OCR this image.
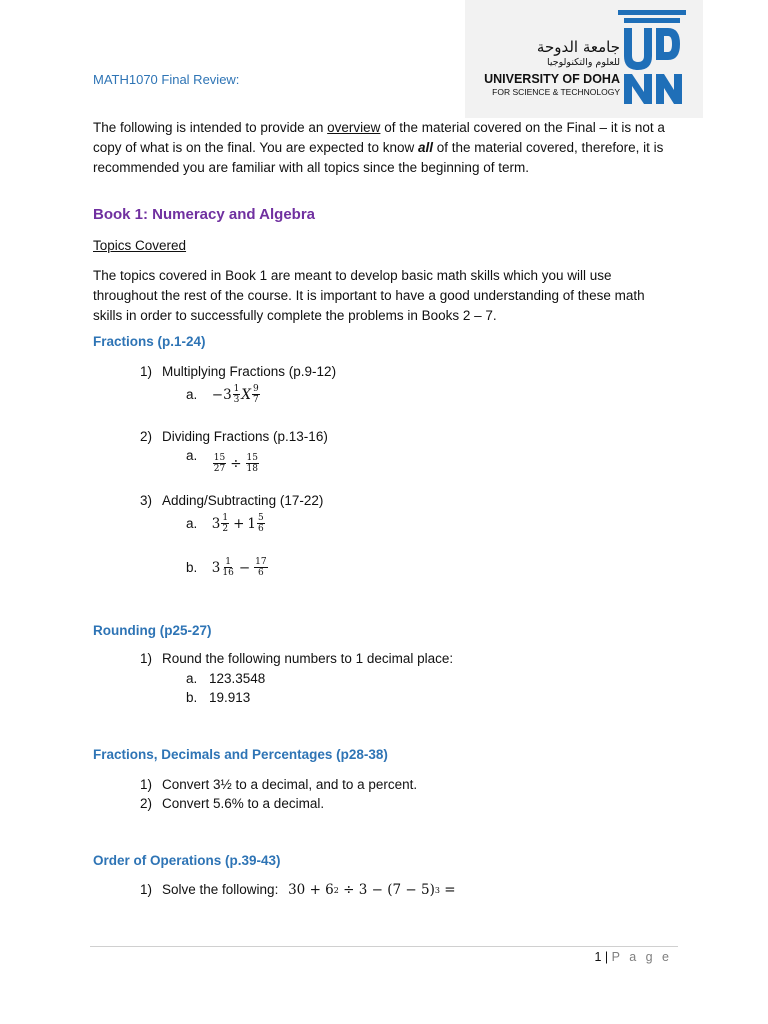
جامعة الدوحة
للعلوم والتكنولوجيا
UNIVERSITY OF DOHA
FOR SCIENCE & TECHNOLOGY
MATH1070 Final Review:
The following is intended to provide an overview of the material covered on the Final – it is not a copy of what is on the final. You are expected to know all of the material covered, therefore, it is recommended you are familiar with all topics since the beginning of term.
Book 1: Numeracy and Algebra
Topics Covered
The topics covered in Book 1 are meant to develop basic math skills which you will use throughout the rest of the course. It is important to have a good understanding of these math skills in order to successfully complete the problems in Books 2 – 7.
Fractions (p.1-24)
1) Multiplying Fractions (p.9-12)
a. $-3 \frac{1}{3}$ X $\frac{9}{7}$
2) Dividing Fractions (p.13-16)
a. $\frac{15}{27} \div \frac{15}{18}$
3) Adding/Subtracting (17-22)
a. $3 \frac{1}{2} + 1 \frac{5}{6}$
b. $3 \frac{1}{16} - \frac{17}{6}$
Rounding (p25-27)
1) Round the following numbers to 1 decimal place:
a. 123.3548
b. 19.913
Fractions, Decimals and Percentages (p28-38)
1) Convert 3½ to a decimal, and to a percent.
2) Convert 5.6% to a decimal.
Order of Operations (p.39-43)
1) Solve the following: 30 + 6 2 ÷ 3 − (7 − 5) 3 =
1 | P a g e
